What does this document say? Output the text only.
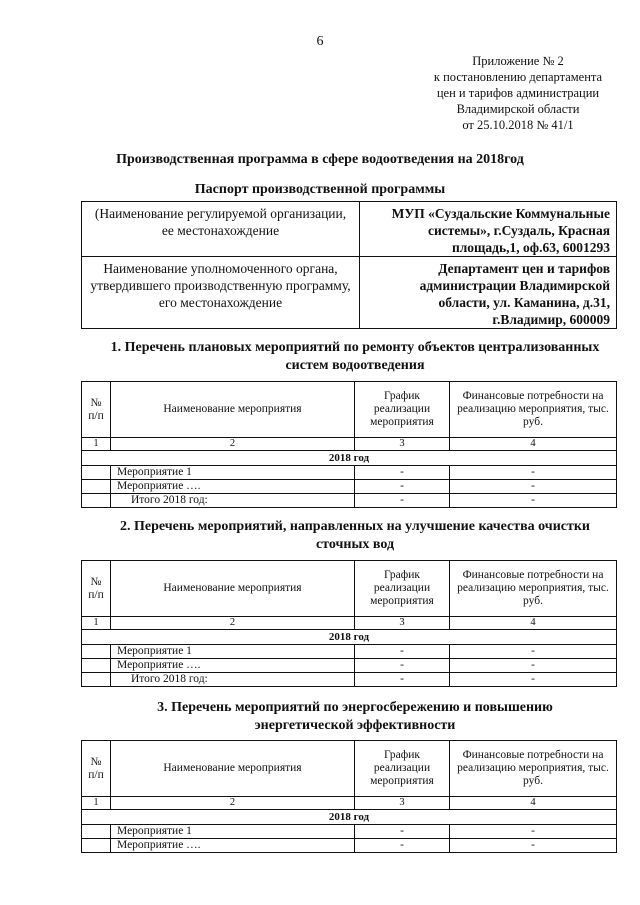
6
Приложение № 2
к постановлению департамента
цен и тарифов администрации
Владимирской области
от 25.10.2018 № 41/1
Производственная программа в сфере водоотведения на 2018год
Паспорт производственной программы
(Наименование регулируемой организации, ее местонахождение	МУП «Суздальские Коммунальные системы», г.Суздаль, Красная площадь,1, оф.63, 6001293
Наименование уполномоченного органа, утвердившего производственную программу, его местонахождение	Департамент цен и тарифов администрации Владимирской области, ул. Каманина, д.31, г.Владимир, 600009
1. Перечень плановых мероприятий по ремонту объектов централизованных
систем водоотведения
№ п/п	Наименование мероприятия	График реализации мероприятия	Финансовые потребности на реализацию мероприятия, тыс. руб.
1	2	3	4
2018 год			
	Мероприятие 1	-	-
	Мероприятие ….	-	-
	Итого 2018 год:	-	-
2. Перечень мероприятий, направленных на улучшение качества очистки
сточных вод
№ п/п	Наименование мероприятия	График реализации мероприятия	Финансовые потребности на реализацию мероприятия, тыс. руб.
1	2	3	4
2018 год			
	Мероприятие 1	-	-
	Мероприятие ….	-	-
	Итого 2018 год:	-	-
3. Перечень мероприятий по энергосбережению и повышению
энергетической эффективности
№ п/п	Наименование мероприятия	График реализации мероприятия	Финансовые потребности на реализацию мероприятия, тыс. руб.
1	2	3	4
2018 год			
	Мероприятие 1	-	-
	Мероприятие ….	-	-
